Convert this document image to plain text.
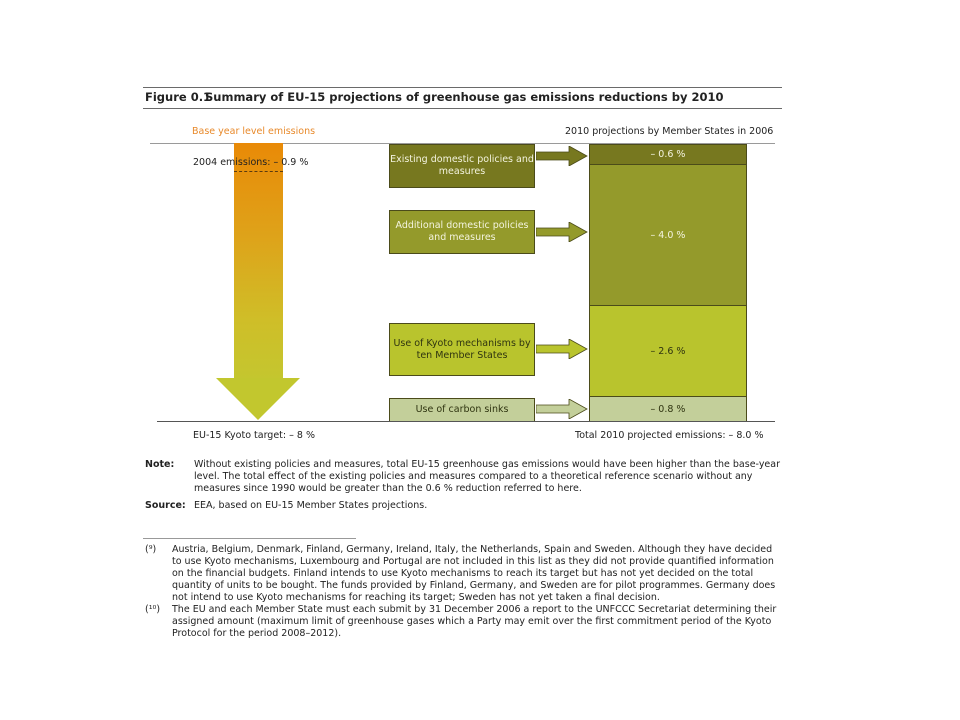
Figure 0.1Summary of EU-15 projections of greenhouse gas emissions reductions by 2010
Base year level emissions	2010 projections by Member States in 2006
2004 emissions: – 0.9 %	Existing domestic policies and measures
Additional domestic policies and measures
Use of Kyoto mechanisms by ten Member States
Use of carbon sinks
– 0.6 %
– 4.0 %
– 2.6 %
– 0.8 %
EU-15 Kyoto target: – 8 %	Total 2010 projected emissions: – 8.0 %
Note:	Without existing policies and measures, total EU-15 greenhouse gas emissions would have been higher than the base-year level. The total effect of the existing policies and measures compared to a theoretical reference scenario without any measures since 1990 would be greater than the 0.6 % reduction referred to here.
Source: EEA, based on EU-15 Member States projections.
(⁹)	Austria, Belgium, Denmark, Finland, Germany, Ireland, Italy, the Netherlands, Spain and Sweden. Although they have decided to use Kyoto mechanisms, Luxembourg and Portugal are not included in this list as they did not provide quantified information on the financial budgets. Finland intends to use Kyoto mechanisms to reach its target but has not yet decided on the total quantity of units to be bought. The funds provided by Finland, Germany, and Sweden are for pilot programmes. Germany does not intend to use Kyoto mechanisms for reaching its target; Sweden has not yet taken a final decision.
(¹⁰)	The EU and each Member State must each submit by 31 December 2006 a report to the UNFCCC Secretariat determining their assigned amount (maximum limit of greenhouse gases which a Party may emit over the first commitment period of the Kyoto Protocol for the period 2008–2012).
